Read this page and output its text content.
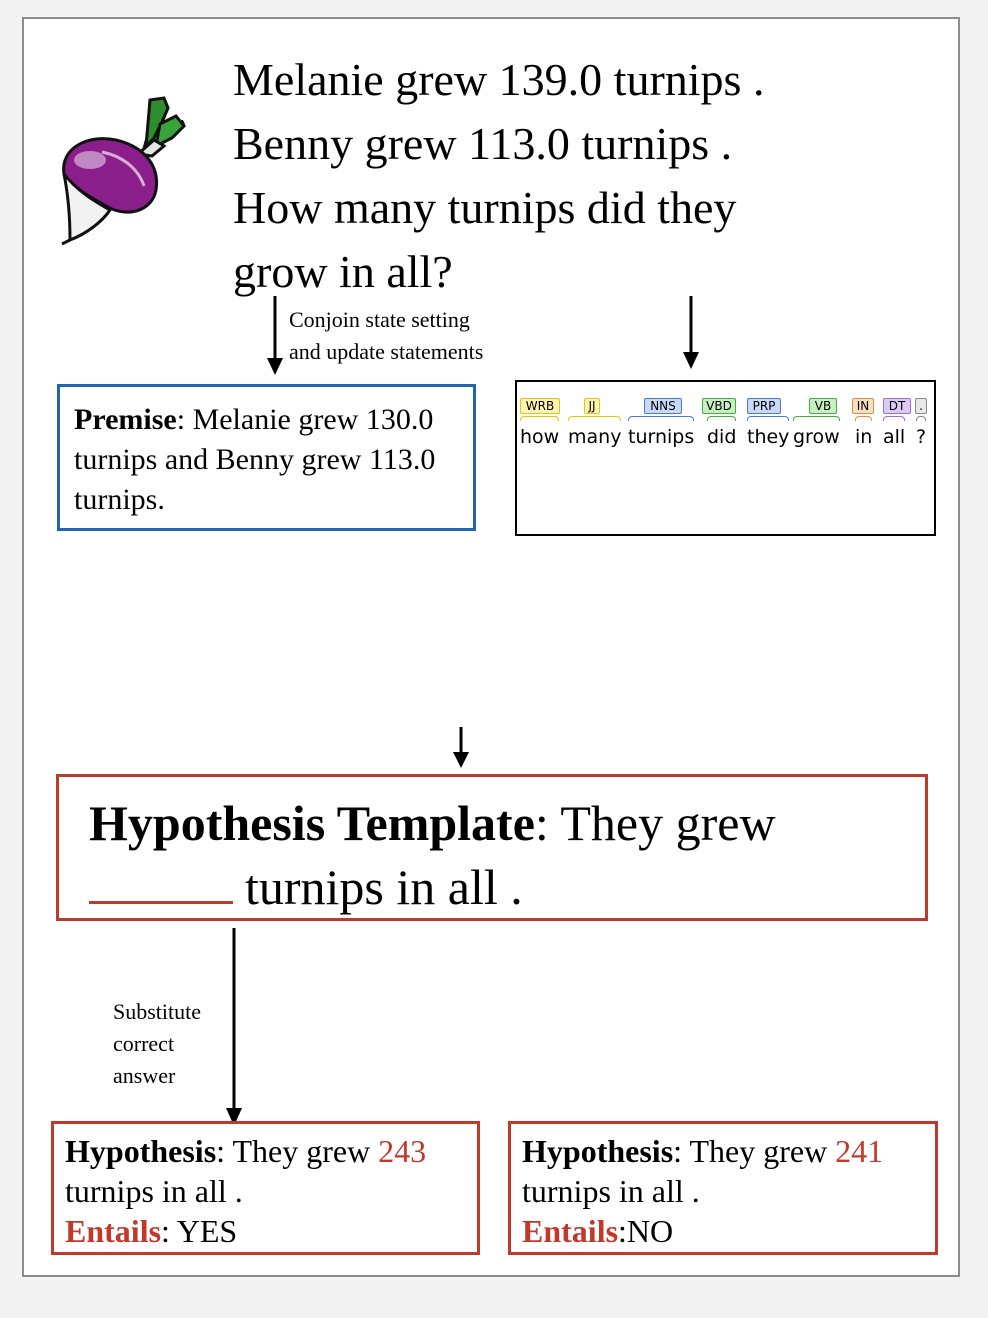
Melanie grew 139.0 turnips .
Benny grew 113.0 turnips .
How many turnips did they
grow in all?
Conjoin state setting
and update statements
Premise: Melanie grew 130.0 turnips and Benny grew 113.0 turnips.
WRB
how
JJ
many
NNS
turnips
VBD
did
PRP
they
VB
grow
IN
in
DT
all
.
?
Hypothesis Template: They grew
turnips in all .
Substitute
correct
answer
Hypothesis: They grew 243
turnips in all .
Entails: YES
Hypothesis: They grew 241
turnips in all .
Entails:NO
